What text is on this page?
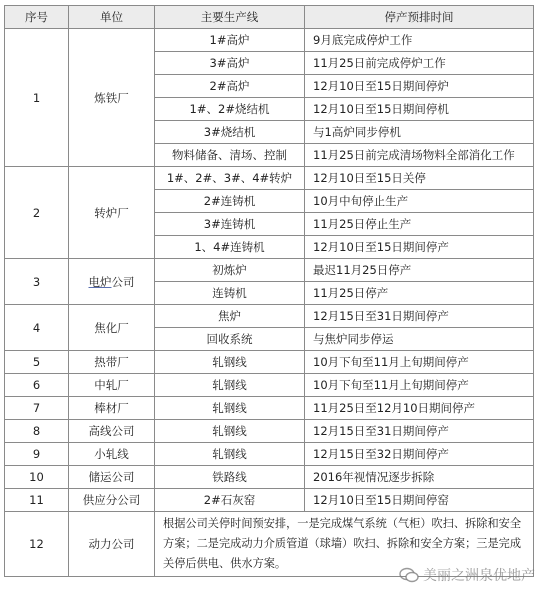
序号	单位	主要生产线	停产预排时间
1	炼铁厂	1#高炉	9月底完成停炉工作
		3#高炉	11月25日前完成停炉工作
		2#高炉	12月10日至15日期间停炉
		1#、2#烧结机	12月10日至15日期间停机
		3#烧结机	与1高炉同步停机
		物料储备、清场、控制	11月25日前完成清场物料全部消化工作
2	转炉厂	1#、2#、3#、4#转炉	12月10日至15日关停
		2#连铸机	10月中旬停止生产
		3#连铸机	11月25日停止生产
		1、4#连铸机	12月10日至15日期间停产
3	电炉公司	初炼炉	最迟11月25日停产
		连铸机	11月25日停产
4	焦化厂	焦炉	12月15日至31日期间停产
		回收系统	与焦炉同步停运
5	热带厂	轧钢线	10月下旬至11月上旬期间停产
6	中轧厂	轧钢线	10月下旬至11月上旬期间停产
7	棒材厂	轧钢线	11月25日至12月10日期间停产
8	高线公司	轧钢线	12月15日至31日期间停产
9	小轧线	轧钢线	12月15日至32日期间停产
10	储运公司	铁路线	2016年视情况逐步拆除
11	供应分公司	2#石灰窑	12月10日至15日期间停窑
12	动力公司	根据公司关停时间预安排，一是完成煤气系统（气柜）吹扫、拆除和安全方案；二是完成动力介质管道（球墙）吹扫、拆除和安全方案；三是完成关停后供电、供水方案。	
美丽之洲泉优地产
